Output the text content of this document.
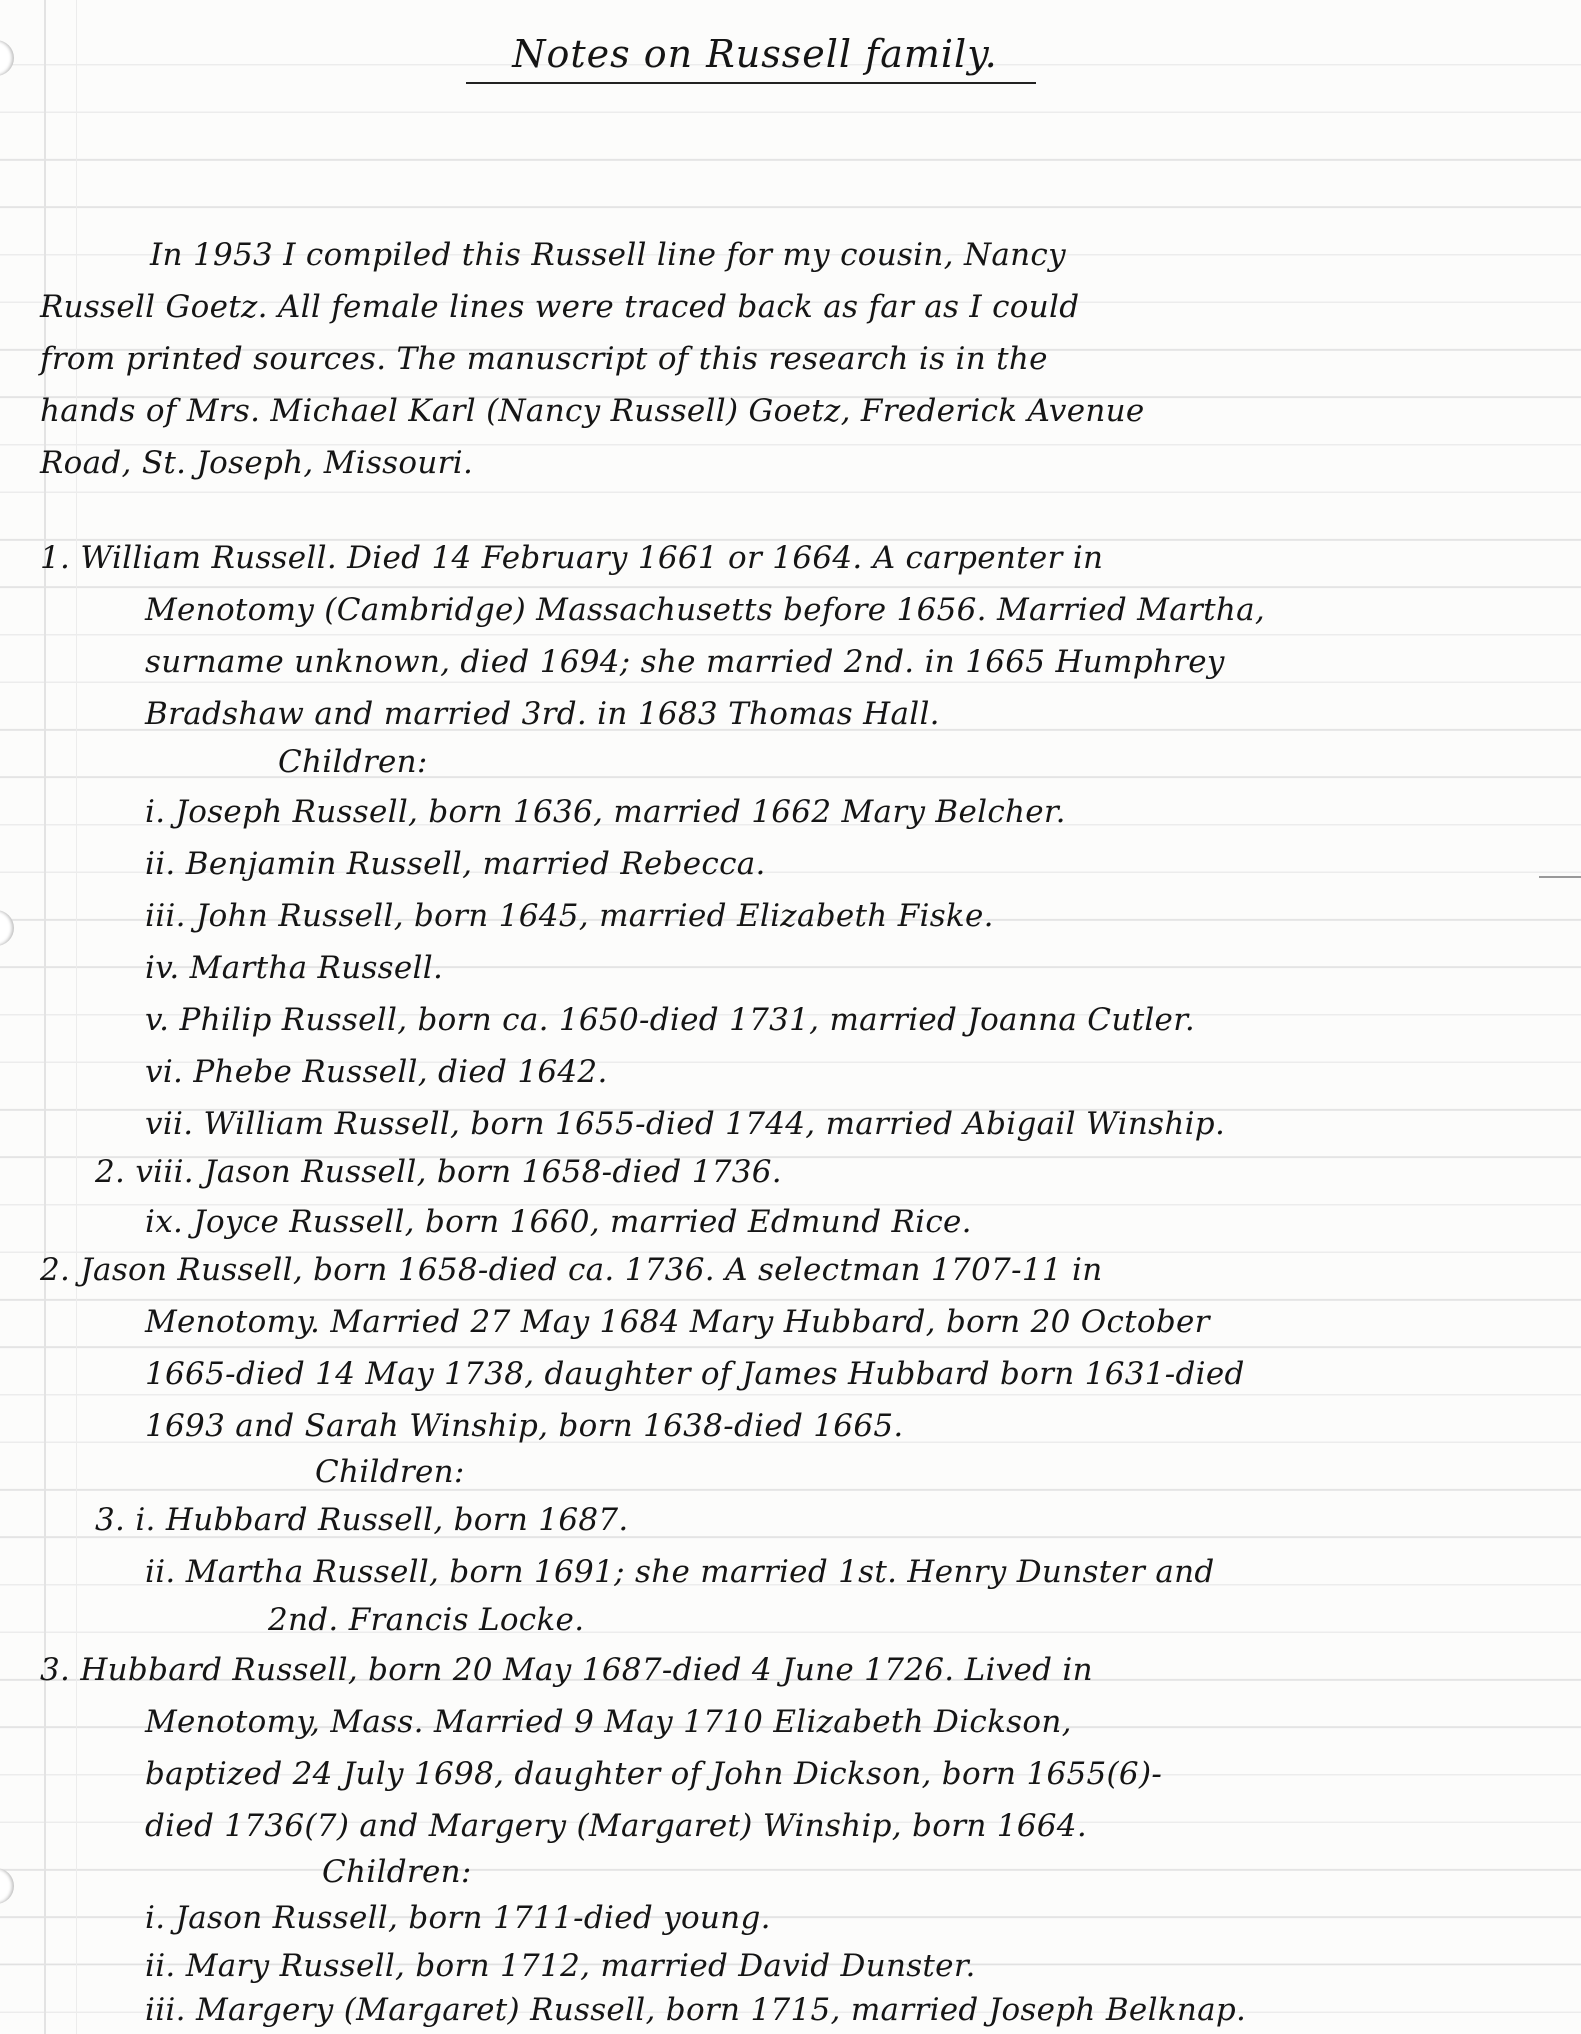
Notes on Russell family.
In 1953 I compiled this Russell line for my cousin, Nancy
Russell Goetz. All female lines were traced back as far as I could
from printed sources. The manuscript of this research is in the
hands of Mrs. Michael Karl (Nancy Russell) Goetz, Frederick Avenue
Road, St. Joseph, Missouri.
1. William Russell. Died 14 February 1661 or 1664. A carpenter in
Menotomy (Cambridge) Massachusetts before 1656. Married Martha,
surname unknown, died 1694; she married 2nd. in 1665 Humphrey
Bradshaw and married 3rd. in 1683 Thomas Hall.
Children:
i. Joseph Russell, born 1636, married 1662 Mary Belcher.
ii. Benjamin Russell, married Rebecca.
iii. John Russell, born 1645, married Elizabeth Fiske.
iv. Martha Russell.
v. Philip Russell, born ca. 1650-died 1731, married Joanna Cutler.
vi. Phebe Russell, died 1642.
vii. William Russell, born 1655-died 1744, married Abigail Winship.
2. viii. Jason Russell, born 1658-died 1736.
ix. Joyce Russell, born 1660, married Edmund Rice.
2. Jason Russell, born 1658-died ca. 1736. A selectman 1707-11 in
Menotomy. Married 27 May 1684 Mary Hubbard, born 20 October
1665-died 14 May 1738, daughter of James Hubbard born 1631-died
1693 and Sarah Winship, born 1638-died 1665.
Children:
3. i. Hubbard Russell, born 1687.
ii. Martha Russell, born 1691; she married 1st. Henry Dunster and
2nd. Francis Locke.
3. Hubbard Russell, born 20 May 1687-died 4 June 1726. Lived in
Menotomy, Mass. Married 9 May 1710 Elizabeth Dickson,
baptized 24 July 1698, daughter of John Dickson, born 1655(6)-
died 1736(7) and Margery (Margaret) Winship, born 1664.
Children:
i. Jason Russell, born 1711-died young.
ii. Mary Russell, born 1712, married David Dunster.
iii. Margery (Margaret) Russell, born 1715, married Joseph Belknap.
